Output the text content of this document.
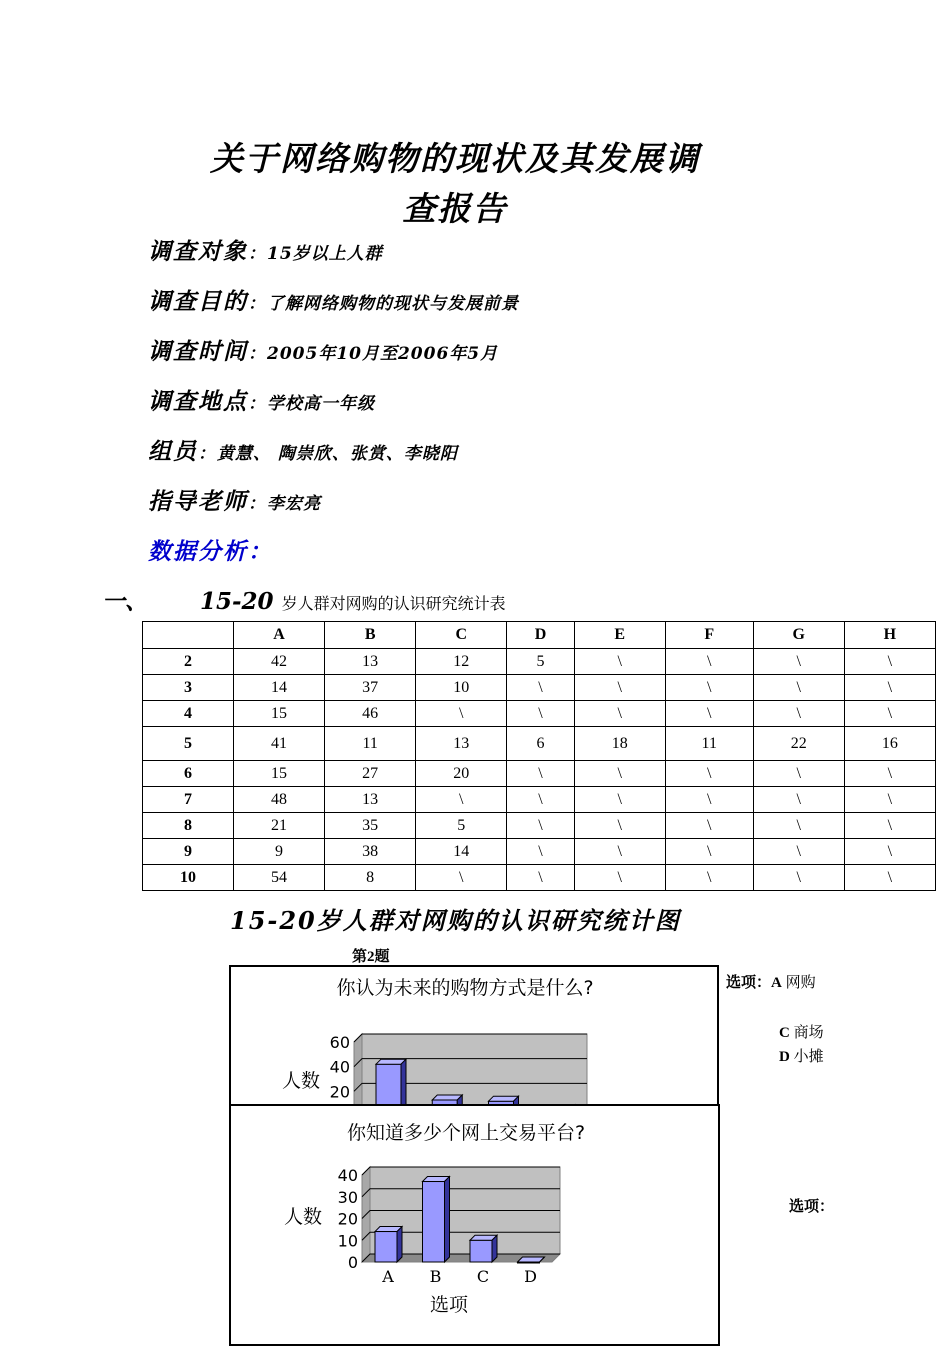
关于网络购物的现状及其发展调
查报告
调查对象：15岁以上人群
调查目的：了解网络购物的现状与发展前景
调查时间：2005年10月至2006年5月
调查地点：学校高一年级
组员：黄慧、 陶崇欣、张赏、李晓阳
指导老师：李宏亮
数据分析：
一、 15-20 岁人群对网购的认识研究统计表
	A	B	C	D	E	F	G	H
2	42	13	12	5	\	\	\	\
3	14	37	10	\	\	\	\	\
4	15	46	\	\	\	\	\	\
5	41	11	13	6	18	11	22	16
6	15	27	20	\	\	\	\	\
7	48	13	\	\	\	\	\	\
8	21	35	5	\	\	\	\	\
9	9	38	14	\	\	\	\	\
10	54	8	\	\	\	\	\	\
15-20岁人群对网购的认识研究统计图
第2题
你认为未来的购物方式是什么?
20
40
60
人数
你知道多少个网上交易平台?
0
10
20
30
40
人数
A B C D
选项
选项：A 网购
C 商场
D 小摊
选项：
